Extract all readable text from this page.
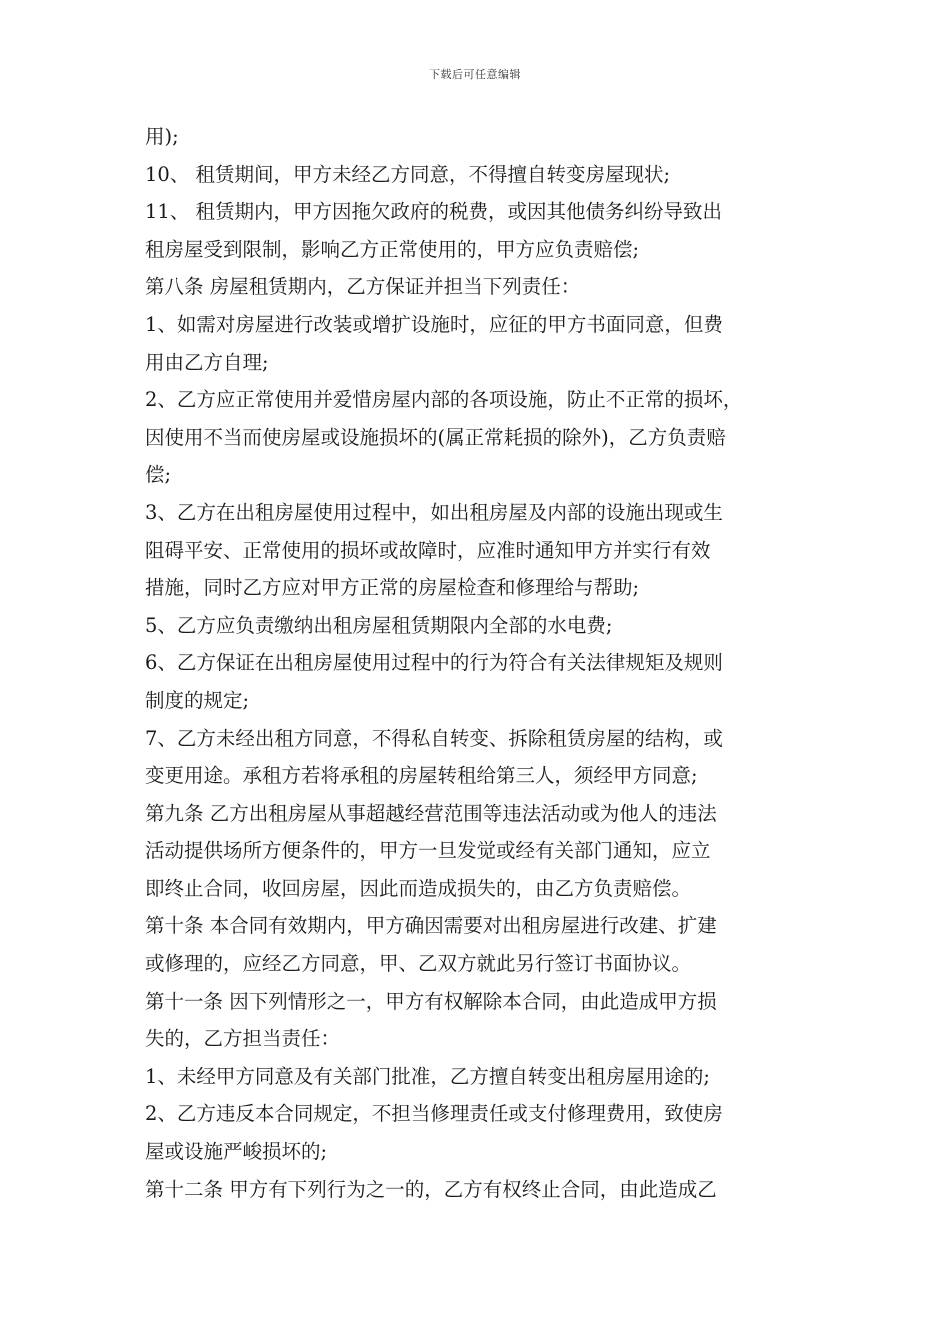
下载后可任意编辑
用);
10、 租赁期间，甲方未经乙方同意，不得擅自转变房屋现状;
11、 租赁期内，甲方因拖欠政府的税费，或因其他债务纠纷导致出
租房屋受到限制，影响乙方正常使用的，甲方应负责赔偿;
第八条 房屋租赁期内，乙方保证并担当下列责任：
1、如需对房屋进行改装或增扩设施时，应征的甲方书面同意，但费
用由乙方自理;
2、乙方应正常使用并爱惜房屋内部的各项设施，防止不正常的损坏，
因使用不当而使房屋或设施损坏的(属正常耗损的除外)，乙方负责赔
偿;
3、乙方在出租房屋使用过程中，如出租房屋及内部的设施出现或生
阻碍平安、正常使用的损坏或故障时，应准时通知甲方并实行有效
措施，同时乙方应对甲方正常的房屋检查和修理给与帮助;
5、乙方应负责缴纳出租房屋租赁期限内全部的水电费;
6、乙方保证在出租房屋使用过程中的行为符合有关法律规矩及规则
制度的规定;
7、乙方未经出租方同意，不得私自转变、拆除租赁房屋的结构，或
变更用途。承租方若将承租的房屋转租给第三人，须经甲方同意;
第九条 乙方出租房屋从事超越经营范围等违法活动或为他人的违法
活动提供场所方便条件的，甲方一旦发觉或经有关部门通知，应立
即终止合同，收回房屋，因此而造成损失的，由乙方负责赔偿。
第十条 本合同有效期内，甲方确因需要对出租房屋进行改建、扩建
或修理的，应经乙方同意，甲、乙双方就此另行签订书面协议。
第十一条 因下列情形之一，甲方有权解除本合同，由此造成甲方损
失的，乙方担当责任：
1、未经甲方同意及有关部门批准，乙方擅自转变出租房屋用途的;
2、乙方违反本合同规定，不担当修理责任或支付修理费用，致使房
屋或设施严峻损坏的;
第十二条 甲方有下列行为之一的，乙方有权终止合同，由此造成乙
